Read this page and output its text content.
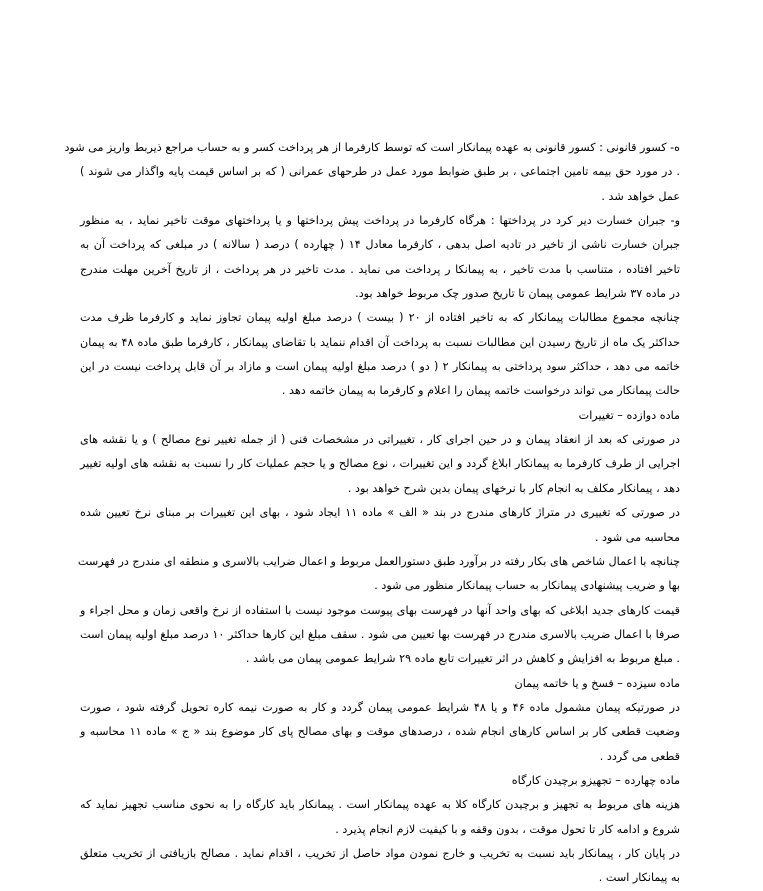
ه- کسور قانونی : کسور قانونی به عهده پیمانکار است که توسط کارفرما از هر پرداخت کسر و به حساب مراجع ذیربط واریز می شود
. در مورد حق بیمه تامین اجتماعی ، بر طبق ضوابط مورد عمل در طرحهای عمرانی ( که بر اساس قیمت پایه واگذار می شوند )
عمل خواهد شد .
و- جبران خسارت دیر کرد در پرداختها : هرگاه کارفرما در پرداخت پیش پرداختها و یا پرداختهای موقت تاخیر نماید ، به منظور
جبران خسارت ناشی از تاخیر در تادیه اصل بدهی ، کارفرما معادل ۱۴ ( چهارده ) درصد ( سالانه ) در مبلغی که پرداخت آن به
تاخیر افتاده ، متناسب با مدت تاخیر ، به پیمانکا ر پرداخت می نماید . مدت تاخیر در هر پرداخت ، از تاریخ آخرین مهلت مندرج
در ماده ۳۷ شرایط عمومی پیمان تا تاریخ صدور چک مربوط خواهد بود.
چنانچه مجموع مطالبات پیمانکار که به تاخیر افتاده از ۲۰ ( بیست ) درصد مبلغ اولیه پیمان تجاوز نماید و کارفرما ظرف مدت
حداکثر یک ماه از تاریخ رسیدن این مطالبات نسبت به پرداخت آن اقدام ننماید با تقاضای پیمانکار ، کارفرما طبق ماده ۴۸ به پیمان
خاتمه می دهد ، حداکثر سود پرداختی به پیمانکار ۲ ( دو ) درصد مبلغ اولیه پیمان است و مازاد بر آن قابل پرداخت نیست در این
حالت پیمانکار می تواند درخواست خاتمه پیمان را اعلام و کارفرما به پیمان خاتمه دهد .
ماده دوازده – تغییرات
در صورتی که بعد از انعقاد پیمان و در حین اجرای کار ، تغییراتی در مشخصات فنی ( از جمله تغییر نوع مصالح ) و یا نقشه های
اجرایی از طرف کارفرما به پیمانکار ابلاغ گردد و این تغییرات ، نوع مصالح و یا حجم عملیات کار را نسبت به نقشه های اولیه تغییر
دهد ، پیمانکار مکلف به انجام کار با نرخهای پیمان بدین شرح خواهد بود .
در صورتی که تغییری در متراژ کارهای مندرج در بند « الف » ماده ۱۱ ایجاد شود ، بهای این تغییرات بر مبنای نرخ تعیین شده
محاسبه می شود .
چنانچه با اعمال شاخص های بکار رفته در برآورد طبق دستورالعمل مربوط و اعمال ضرایب بالاسری و منطقه ای مندرج در فهرست
بها و ضریب پیشنهادی پیمانکار به حساب پیمانکار منظور می شود .
قیمت کارهای جدید ابلاغی که بهای واحد آنها در فهرست بهای پیوست موجود نیست با استفاده از نرخ واقعی زمان و محل اجراء و
صرفا با اعمال ضریب بالاسری مندرج در فهرست بها تعیین می شود . سقف مبلغ این کارها حداکثر ۱۰ درصد مبلغ اولیه پیمان است
. مبلغ مربوط به افزایش و کاهش در اثر تغییرات تابع ماده ۲۹ شرایط عمومی پیمان می باشد .
ماده سیزده – فسخ و یا خاتمه پیمان
در صورتیکه پیمان مشمول ماده ۴۶ و یا ۴۸ شرایط عمومی پیمان گردد و کار به صورت نیمه کاره تحویل گرفته شود ، صورت
وضعیت قطعی کار بر اساس کارهای انجام شده ، درصدهای موقت و بهای مصالح پای کار موضوع بند « ج » ماده ۱۱ محاسبه و
قطعی می گردد .
ماده چهارده – تجهیزو برچیدن کارگاه
هزینه های مربوط به تجهیز و برچیدن کارگاه کلا به عهده پیمانکار است . پیمانکار باید کارگاه را به نحوی مناسب تجهیز نماید که
شروع و ادامه کار تا تحول موقت ، بدون وقفه و با کیفیت لازم انجام پذیرد .
در پایان کار ، پیمانکار باید نسبت به تخریب و خارج نمودن مواد حاصل از تخریب ، اقدام نماید . مصالح بازیافتی از تخریب متعلق
به پیمانکار است .
